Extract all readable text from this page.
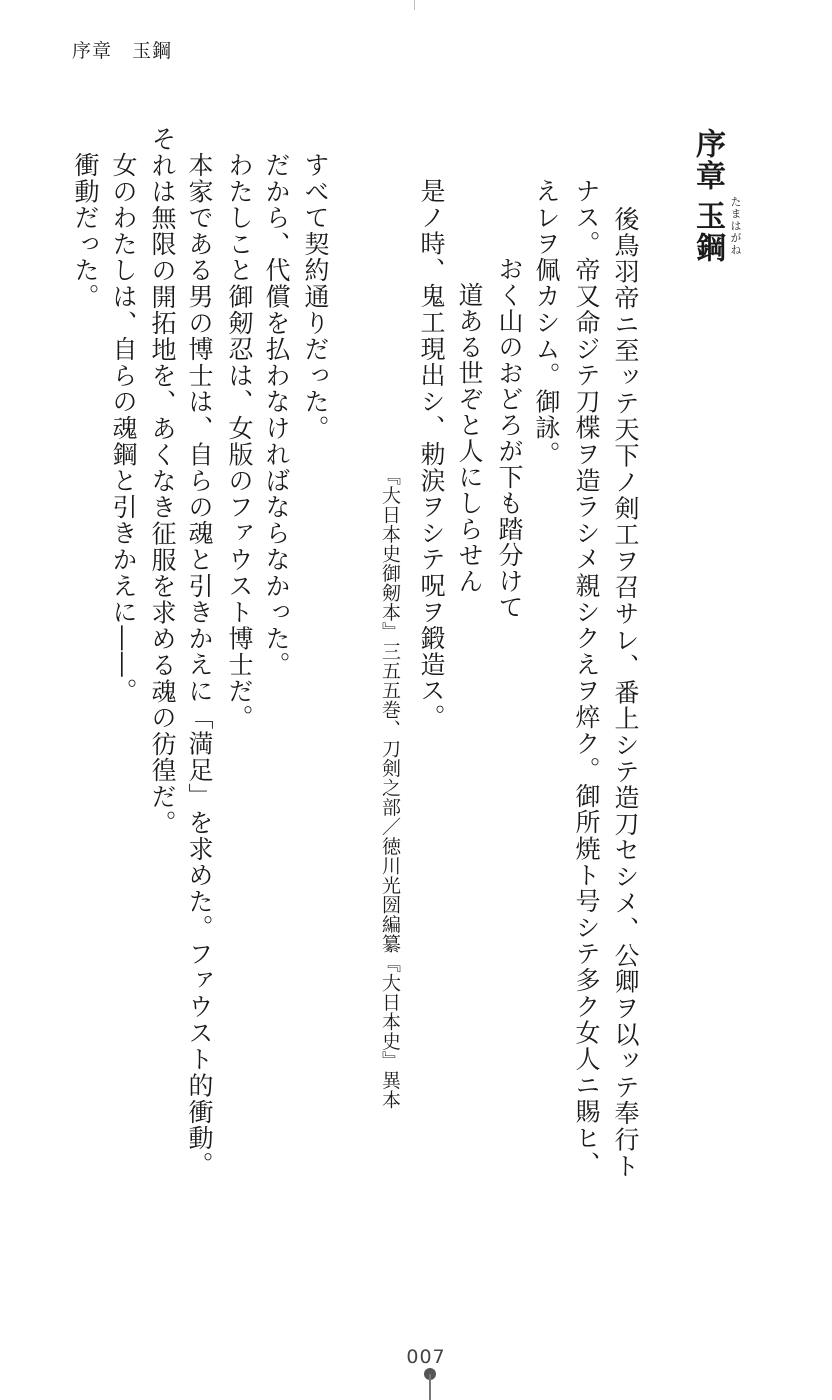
序章　玉鋼
序章
玉鋼 たまはがね
後鳥羽帝ニ至ッテ天下ノ剣工ヲ召サレ、番上シテ造刀セシメ、公卿ヲ以ッテ奉行ト
ナス。帝又命ジテ刀楪ヲ造ラシメ親シクえヲ焠ク。御所焼ト号シテ多ク女人ニ賜ヒ、
えレヲ佩カシム。御詠。
おく山のおどろが下も踏分けて
道ある世ぞと人にしらせん
是ノ時、鬼工現出シ、勅涙ヲシテ呪ヲ鍛造ス。
『大日本史御剱本』三五五巻、刀剣之部／徳川光圀編纂『大日本史』異本
すべて契約通りだった。
だから、代償を払わなければならなかった。
わたしこと御剱忍は、女版のファウスト博士だ。
本家である男の博士は、自らの魂と引きかえに「満足」を求めた。ファウスト的衝動。
それは無限の開拓地を、あくなき征服を求める魂の彷徨だ。
女のわたしは、自らの魂鋼と引きかえに――。
衝動だった。
007
